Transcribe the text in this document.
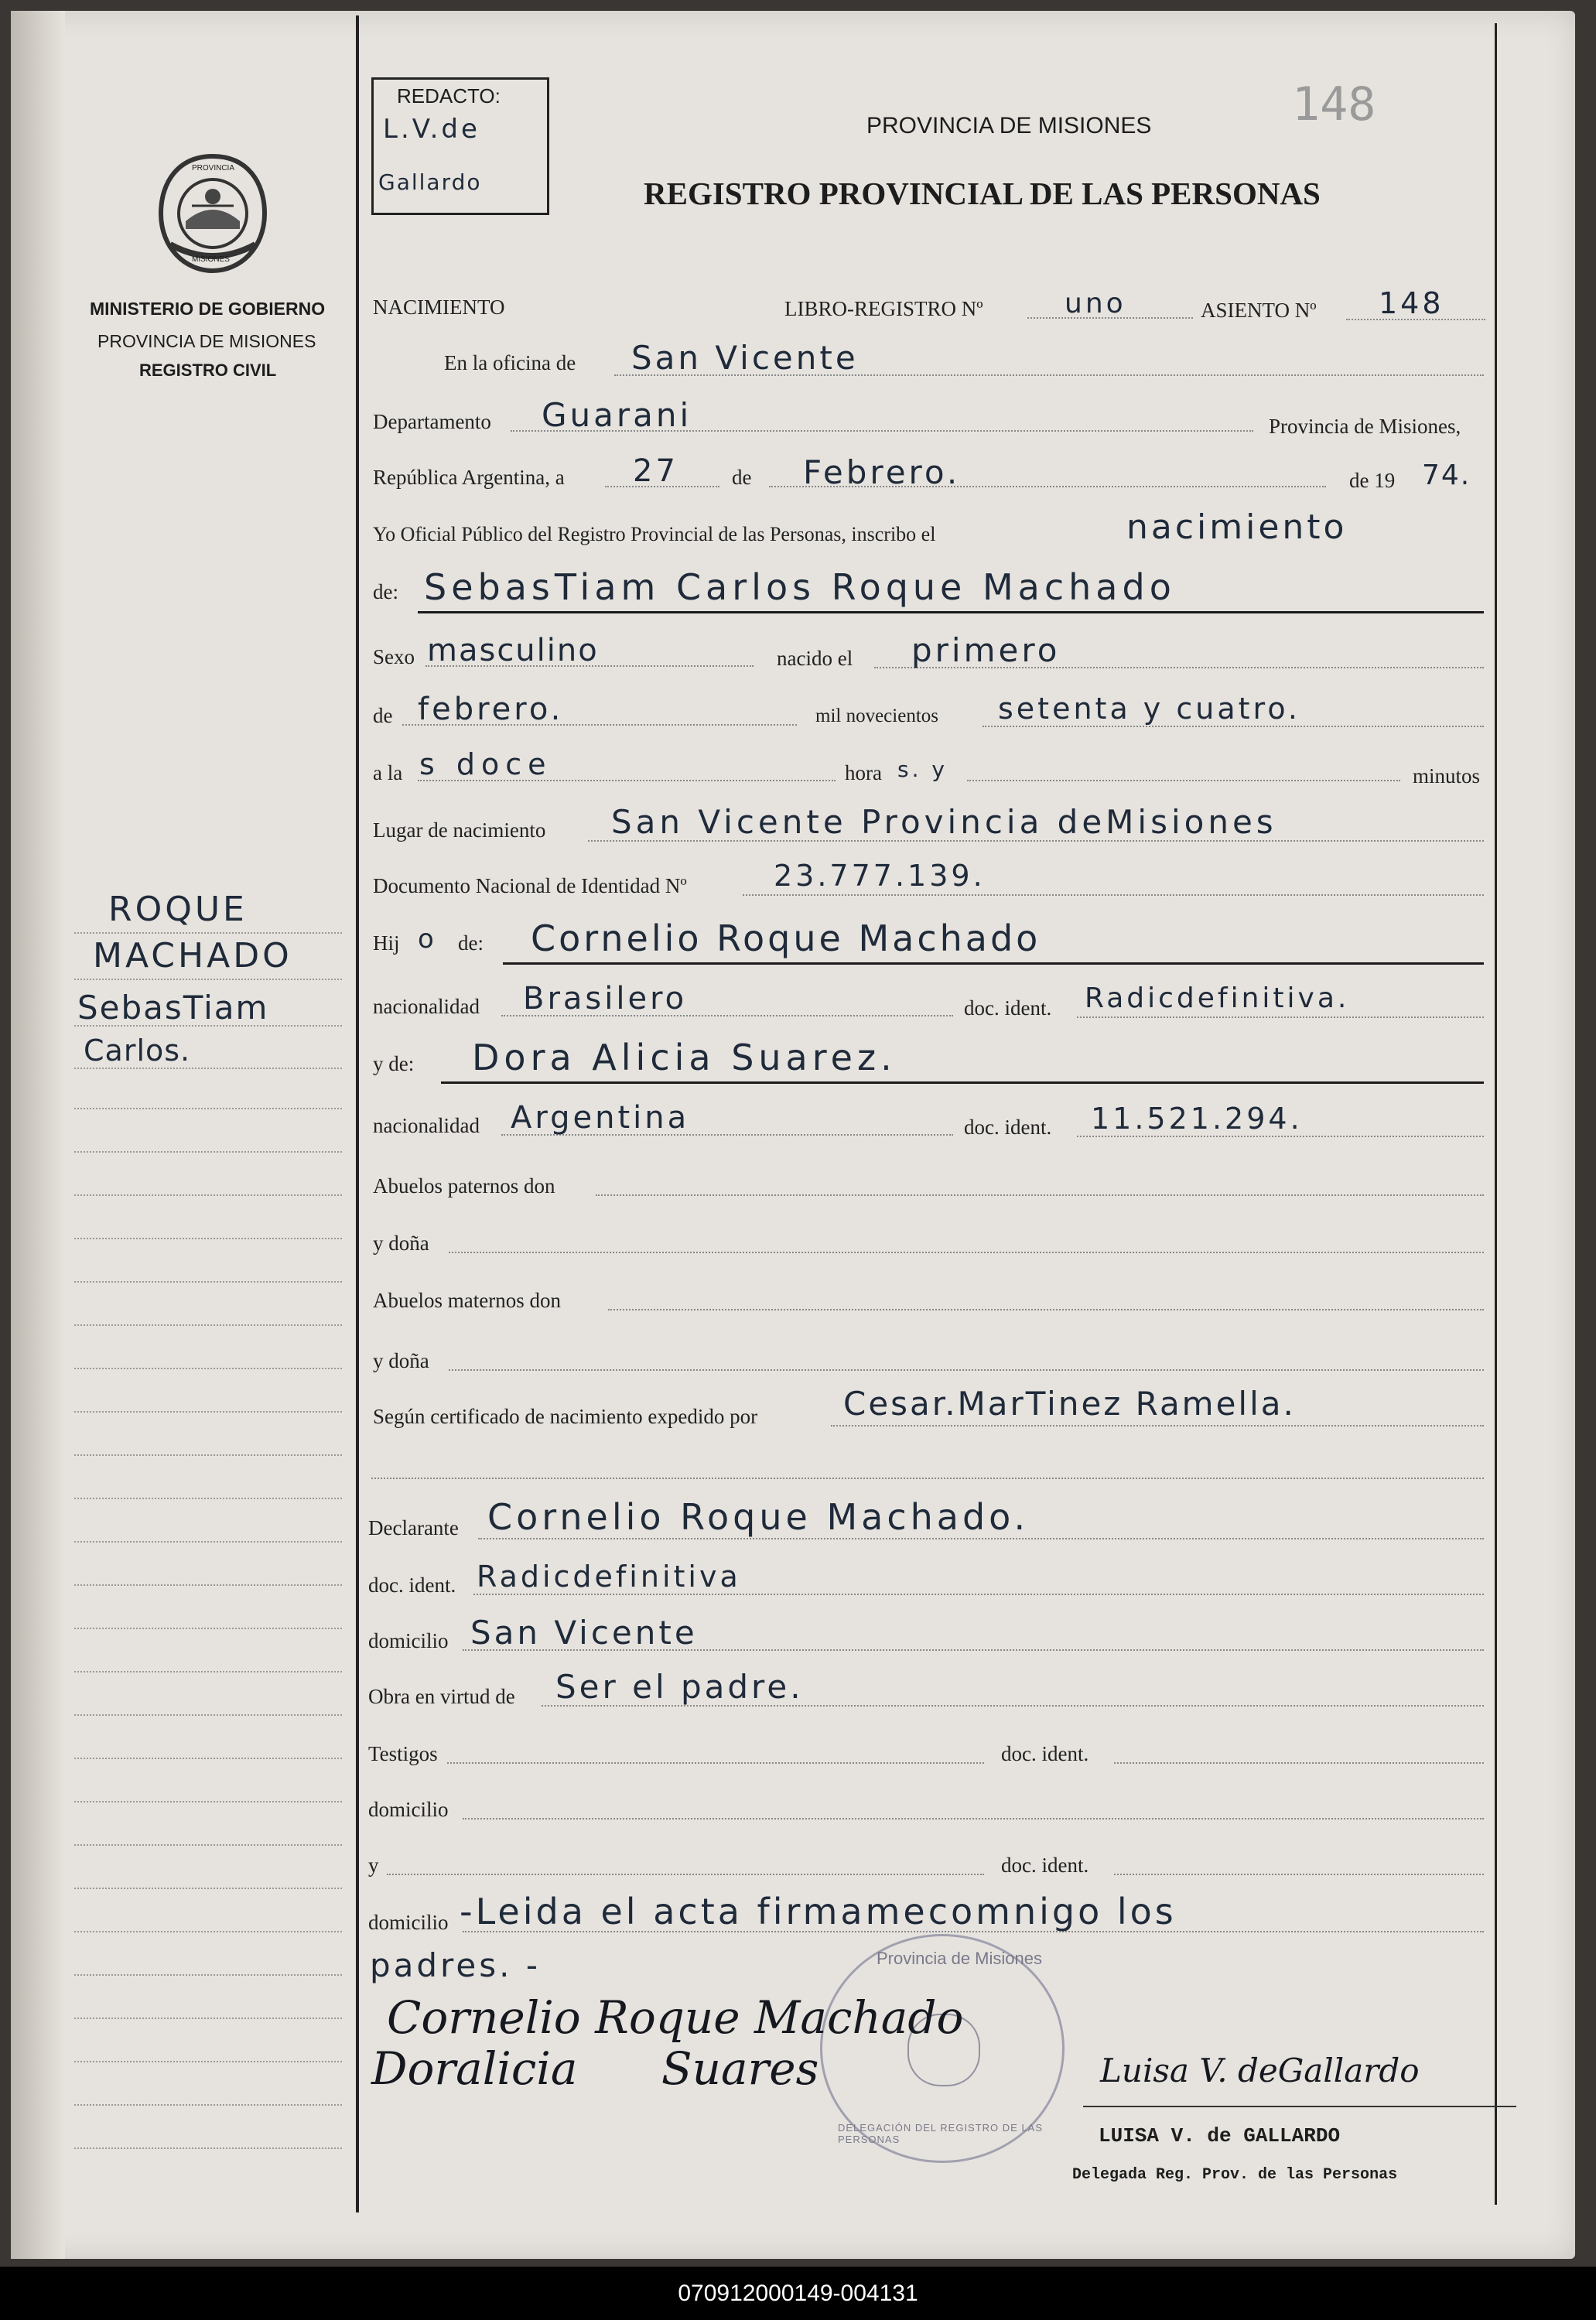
REDACTO:
L.V.de
Gallardo
148
PROVINCIA DE MISIONES
REGISTRO PROVINCIAL DE LAS PERSONAS
PROVINCIA
MISIONES
MINISTERIO DE GOBIERNO
PROVINCIA DE MISIONES
REGISTRO CIVIL
ROQUE
MACHADO
SebasTiam
Carlos.
NACIMIENTO	LIBRO-REGISTRO Nº	uno	ASIENTO Nº 148
En la oficina de San Vicente
Departamento Guarani	Provincia de Misiones,
República Argentina, a 27	de Febrero.	de 19 74.
Yo Oficial Público del Registro Provincial de las Personas, inscribo el	nacimiento
de: SebasTiam Carlos Roque Machado
Sexo masculino	nacido el primero
de febrero.	mil novecientos setenta y cuatro.
a la s doce	hora s. y	minutos
Lugar de nacimiento San Vicente Provincia deMisiones
Documento Nacional de Identidad Nº	23.777.139.
Hij o de: Cornelio Roque Machado
nacionalidad Brasilero	doc. ident. Radicdefinitiva.
y de: Dora Alicia Suarez.
nacionalidad Argentina	doc. ident. 11.521.294.
Abuelos paternos don
y doña
Abuelos maternos don
y doña
Según certificado de nacimiento expedido por	Cesar.MarTinez Ramella.
Declarante Cornelio Roque Machado.
doc. ident. Radicdefinitiva
domicilio San Vicente
Obra en virtud de Ser el padre.
Testigos	doc. ident.
domicilio
y	doc. ident.
domicilio -Leida el acta firmamecomnigo los
padres. -	Provincia de Misiones
DELEGACIÓN DEL REGISTRO DE LAS PERSONAS
Cornelio Roque Machado
Doralicia Suares	Luisa V. deGallardo
LUISA V. de GALLARDO
Delegada Reg. Prov. de las Personas
070912000149-004131
